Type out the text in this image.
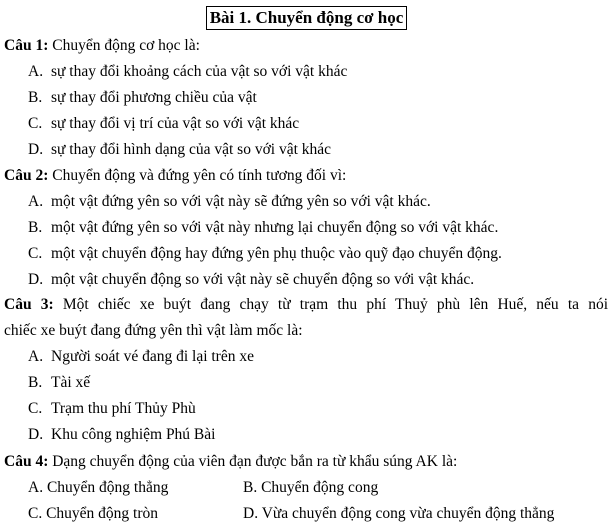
Bài 1. Chuyển động cơ học
Câu 1: Chuyển động cơ học là:
A. sự thay đổi khoảng cách của vật so với vật khác
B. sự thay đổi phương chiều của vật
C. sự thay đổi vị trí của vật so với vật khác
D. sự thay đổi hình dạng của vật so với vật khác
Câu 2: Chuyển động và đứng yên có tính tương đối vì:
A. một vật đứng yên so với vật này sẽ đứng yên so với vật khác.
B. một vật đứng yên so với vật này nhưng lại chuyển động so với vật khác.
C. một vật chuyển động hay đứng yên phụ thuộc vào quỹ đạo chuyển động.
D. một vật chuyển động so với vật này sẽ chuyển động so với vật khác.
Câu 3: Một chiếc xe buýt đang chạy từ trạm thu phí Thuỷ phù lên Huế, nếu ta nói
chiếc xe buýt đang đứng yên thì vật làm mốc là:
A. Người soát vé đang đi lại trên xe
B. Tài xế
C. Trạm thu phí Thủy Phù
D. Khu công nghiệm Phú Bài
Câu 4: Dạng chuyển động của viên đạn được bắn ra từ khẩu súng AK là:
A. Chuyển động thẳng	B. Chuyển động cong
C. Chuyển động tròn	D. Vừa chuyển động cong vừa chuyển động thẳng
